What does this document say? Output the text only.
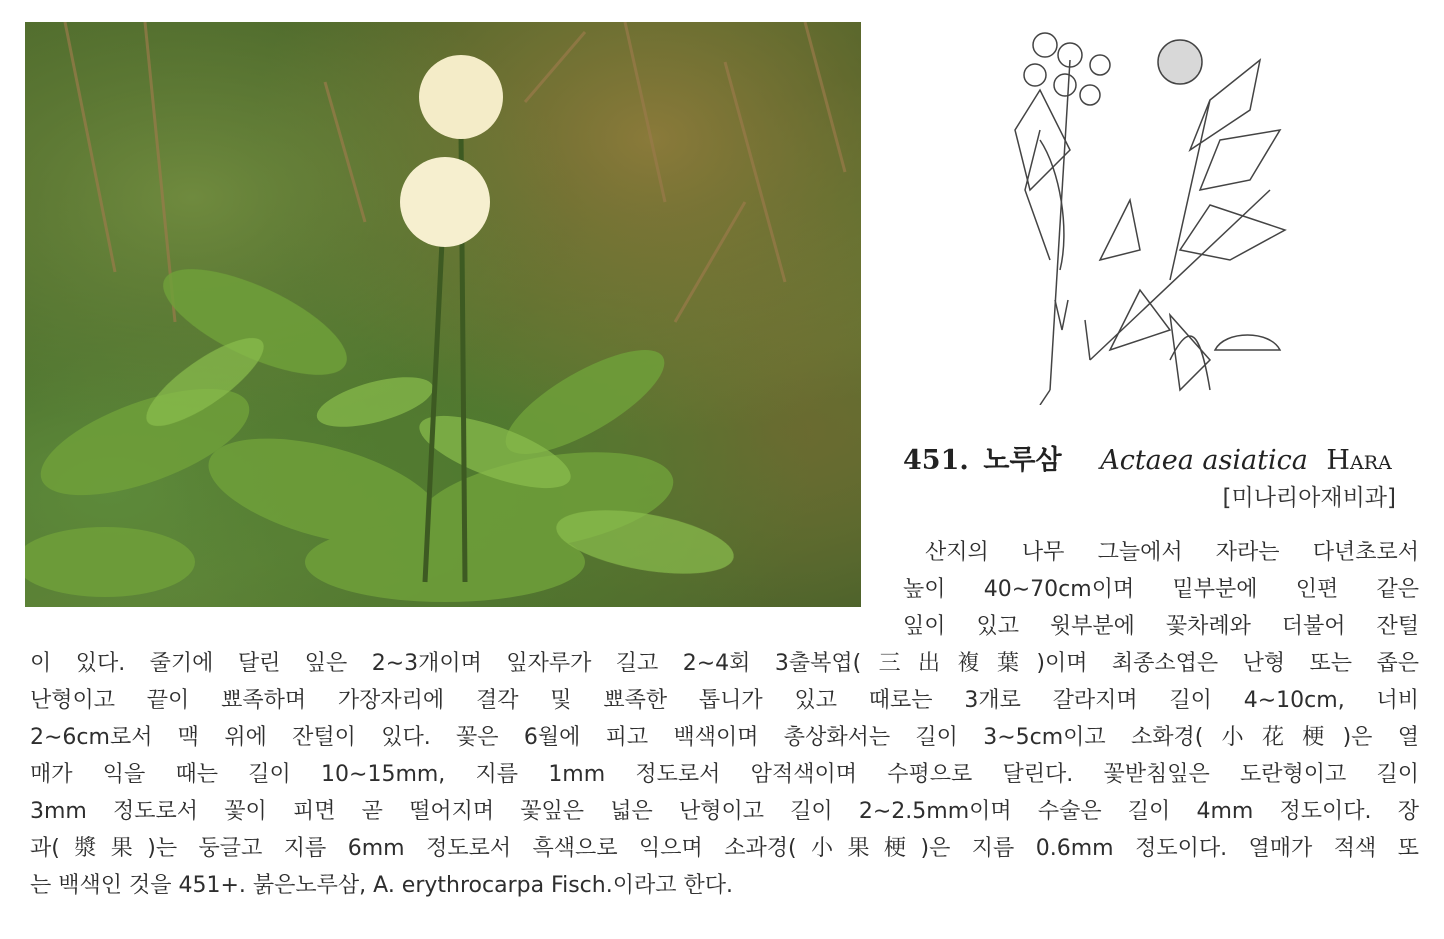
451. 노루삼 Actaea asiatica Hara
[미나리아재비과]

산지의 나무 그늘에서 자라는 다년초로서

높이 40∼70cm이며 밑부분에 인편 같은

잎이 있고 윗부분에 꽃차례와 더불어 잔털

이 있다. 줄기에 달린 잎은 2∼3개이며 잎자루가 길고 2∼4회 3출복엽(三出複葉)이며 최종소엽은 난형 또는 좁은

난형이고 끝이 뾰족하며 가장자리에 결각 및 뾰족한 톱니가 있고 때로는 3개로 갈라지며 길이 4∼10cm, 너비

2∼6cm로서 맥 위에 잔털이 있다. 꽃은 6월에 피고 백색이며 총상화서는 길이 3∼5cm이고 소화경(小花梗)은 열

매가 익을 때는 길이 10∼15mm, 지름 1mm 정도로서 암적색이며 수평으로 달린다. 꽃받침잎은 도란형이고 길이

3mm 정도로서 꽃이 피면 곧 떨어지며 꽃잎은 넓은 난형이고 길이 2∼2.5mm이며 수술은 길이 4mm 정도이다. 장

과(漿果)는 둥글고 지름 6mm 정도로서 흑색으로 익으며 소과경(小果梗)은 지름 0.6mm 정도이다. 열매가 적색 또

는 백색인 것을 451+. 붉은노루삼, A. erythrocarpa Fisch.이라고 한다.
